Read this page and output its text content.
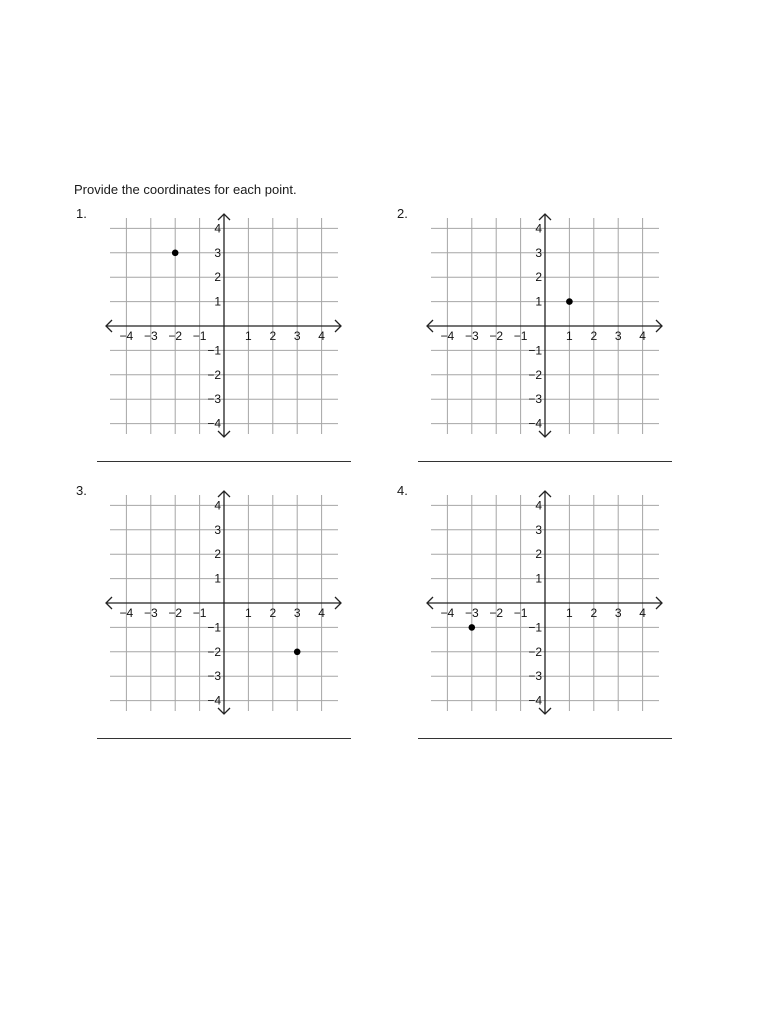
Provide the coordinates for each point.
1.
−4 −3 −2 −1	1 2 3 4
4
3
2
1
−1
−2
−3
−4
2.
−4 −3 −2 −1	1 2 3 4
4
3
2
1
−1
−2
−3
−4
3.
−4 −3 −2 −1	1 2 3 4
4
3
2
1
−1
−2
−3
−4
4.
−4 −3 −2 −1	1 2 3 4
4
3
2
1
−1
−2
−3
−4
